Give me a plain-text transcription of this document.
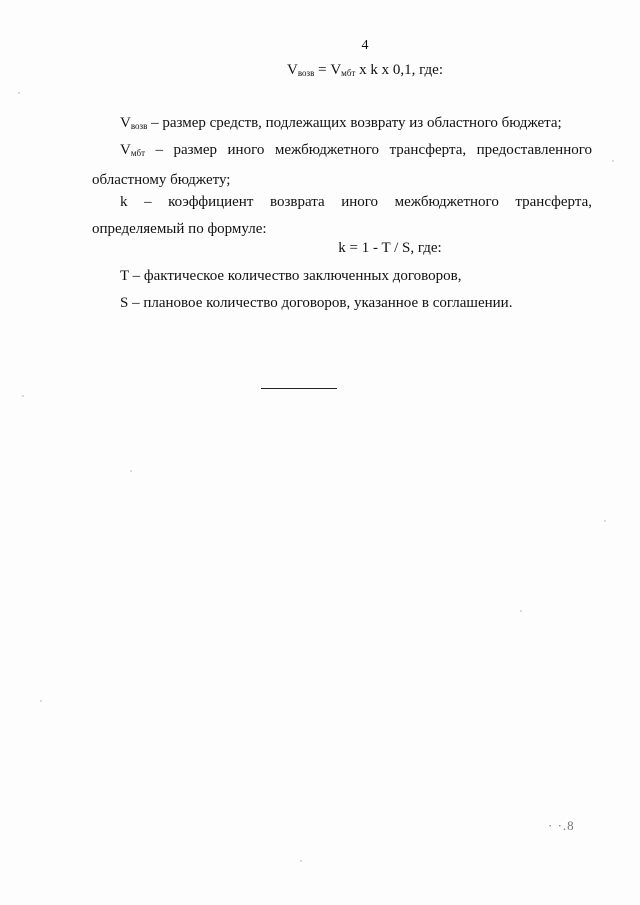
4
$V_{возв} = V_{мбт}$ x k x 0,1, где:
$V_{возв}$ – размер средств, подлежащих возврату из областного бюджета;
$V_{мбт}$ – размер иного межбюджетного трансферта, предоставленного
областному бюджету;
k – коэффициент возврата иного межбюджетного трансферта,
определяемый по формуле:
k = 1 - T / S, где:
T – фактическое количество заключенных договоров,
S – плановое количество договоров, указанное в соглашении.
· ·.8
